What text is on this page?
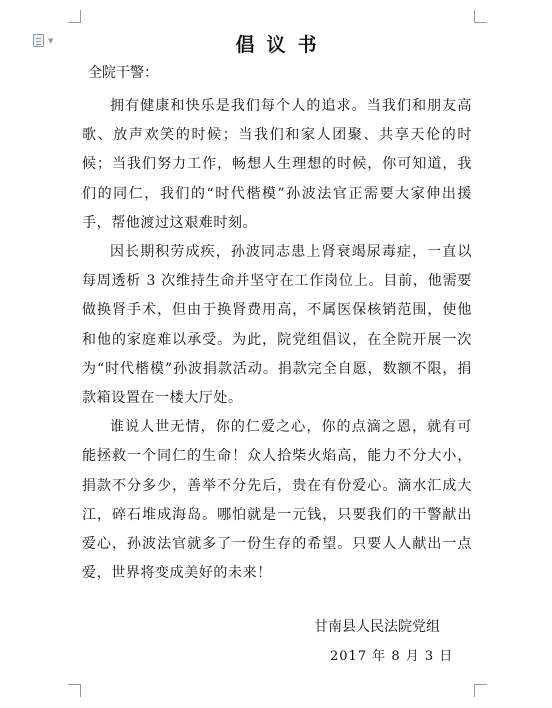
▼	倡议书
全院干警：

拥有健康和快乐是我们每个人的追求。当我们和朋友高歌、放声欢笑的时候；当我们和家人团聚、共享天伦的时候；当我们努力工作，畅想人生理想的时候，你可知道，我们的同仁，我们的“时代楷模”孙波法官正需要大家伸出援手，帮他渡过这艰难时刻。

因长期积劳成疾，孙波同志患上肾衰竭尿毒症，一直以每周透析 3 次维持生命并坚守在工作岗位上。目前，他需要做换肾手术，但由于换肾费用高，不属医保核销范围，使他和他的家庭难以承受。为此，院党组倡议，在全院开展一次为“时代楷模”孙波捐款活动。捐款完全自愿，数额不限，捐款箱设置在一楼大厅处。

谁说人世无情，你的仁爱之心，你的点滴之恩，就有可能拯救一个同仁的生命！众人拾柴火焰高，能力不分大小，捐款不分多少，善举不分先后，贵在有份爱心。滴水汇成大江，碎石堆成海岛。哪怕就是一元钱，只要我们的干警献出爱心，孙波法官就多了一份生存的希望。只要人人献出一点爱，世界将变成美好的未来！

甘南县人民法院党组
2017 年 8 月 3 日
